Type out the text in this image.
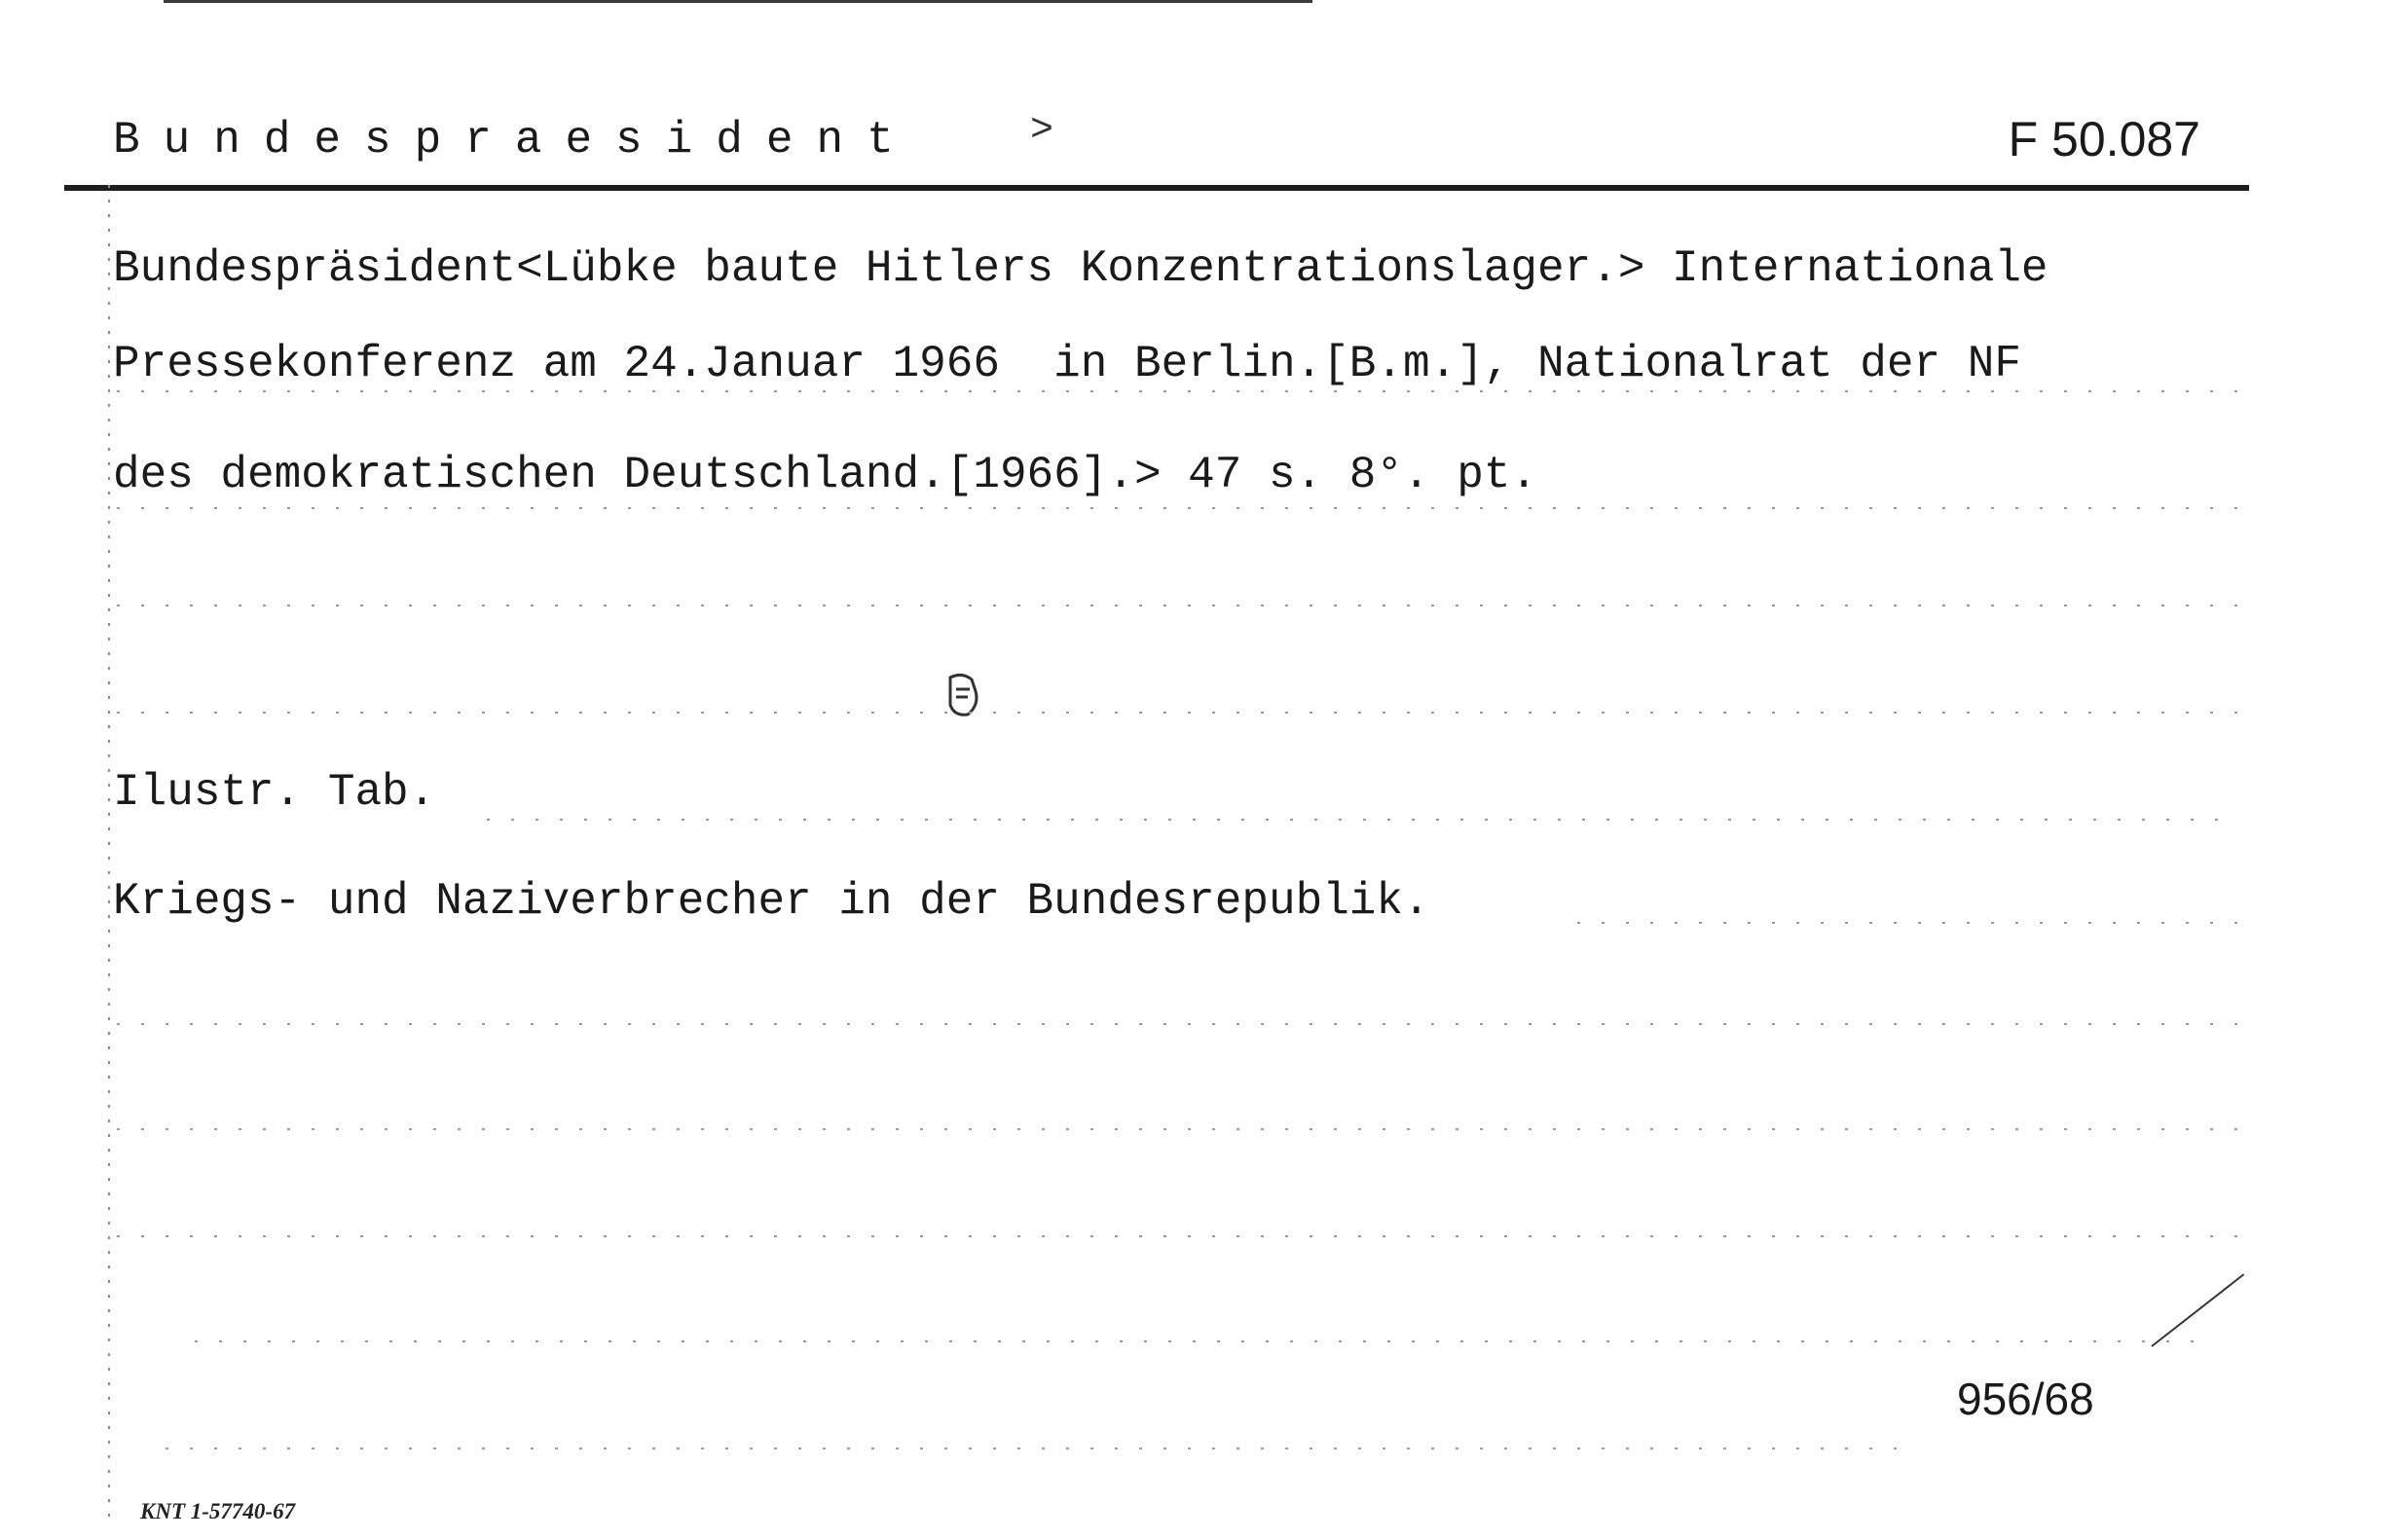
Bundespraesident	>	F 50.087
Bundespräsident<Lübke baute Hitlers Konzentrationslager.> Internationale
Pressekonferenz am 24.Januar 1966  in Berlin.[B.m.], Nationalrat der NF
des demokratischen Deutschland.[1966].> 47 s. 8°. pt.
Ilustr. Tab.
Kriegs- und Naziverbrecher in der Bundesrepublik.
956/68
KNT 1-57740-67
